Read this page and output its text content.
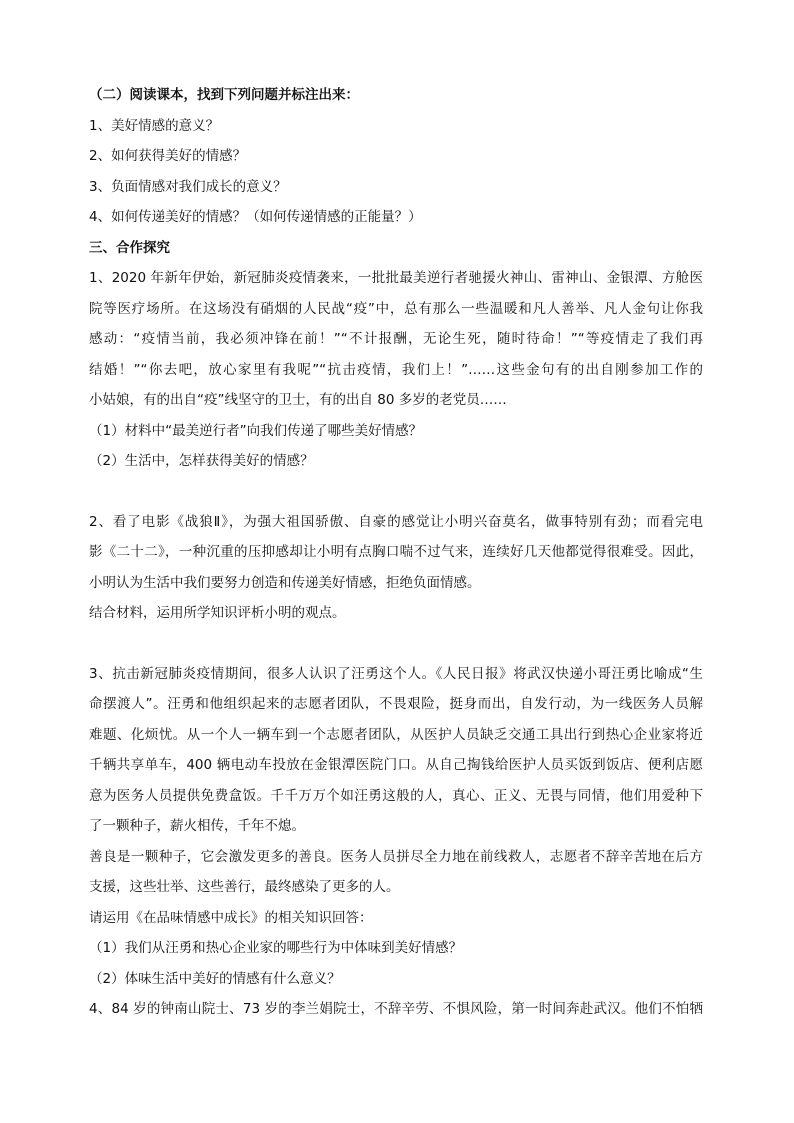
（二）阅读课本，找到下列问题并标注出来：
1、美好情感的意义？
2、如何获得美好的情感？
3、负面情感对我们成长的意义？
4、如何传递美好的情感？（如何传递情感的正能量？）
三、合作探究
1、2020 年新年伊始，新冠肺炎疫情袭来，一批批最美逆行者驰援火神山、雷神山、金银潭、方舱医
院等医疗场所。在这场没有硝烟的人民战“疫”中，总有那么一些温暖和凡人善举、凡人金句让你我
感动：“疫情当前，我必须冲锋在前！”“不计报酬，无论生死，随时待命！”“等疫情走了我们再
结婚！”“你去吧，放心家里有我呢”“抗击疫情，我们上！”……这些金句有的出自刚参加工作的
小姑娘，有的出自“疫”线坚守的卫士，有的出自 80 多岁的老党员……
（1）材料中“最美逆行者”向我们传递了哪些美好情感？
（2）生活中，怎样获得美好的情感？
2、看了电影《战狼Ⅱ》，为强大祖国骄傲、自豪的感觉让小明兴奋莫名，做事特别有劲；而看完电
影《二十二》，一种沉重的压抑感却让小明有点胸口喘不过气来，连续好几天他都觉得很难受。因此，
小明认为生活中我们要努力创造和传递美好情感，拒绝负面情感。
结合材料，运用所学知识评析小明的观点。
3、抗击新冠肺炎疫情期间，很多人认识了汪勇这个人。《人民日报》将武汉快递小哥汪勇比喻成“生
命摆渡人”。汪勇和他组织起来的志愿者团队，不畏艰险，挺身而出，自发行动，为一线医务人员解
难题、化烦忧。从一个人一辆车到一个志愿者团队，从医护人员缺乏交通工具出行到热心企业家将近
千辆共享单车，400 辆电动车投放在金银潭医院门口。从自己掏钱给医护人员买饭到饭店、便利店愿
意为医务人员提供免费盒饭。千千万万个如汪勇这般的人，真心、正义、无畏与同情，他们用爱种下
了一颗种子，薪火相传，千年不熄。
善良是一颗种子，它会激发更多的善良。医务人员拼尽全力地在前线救人，志愿者不辞辛苦地在后方
支援，这些壮举、这些善行，最终感染了更多的人。
请运用《在品味情感中成长》的相关知识回答：
（1）我们从汪勇和热心企业家的哪些行为中体味到美好情感？
（2）体味生活中美好的情感有什么意义？
4、84 岁的钟南山院士、73 岁的李兰娟院士，不辞辛劳、不惧风险，第一时间奔赴武汉。他们不怕牺
